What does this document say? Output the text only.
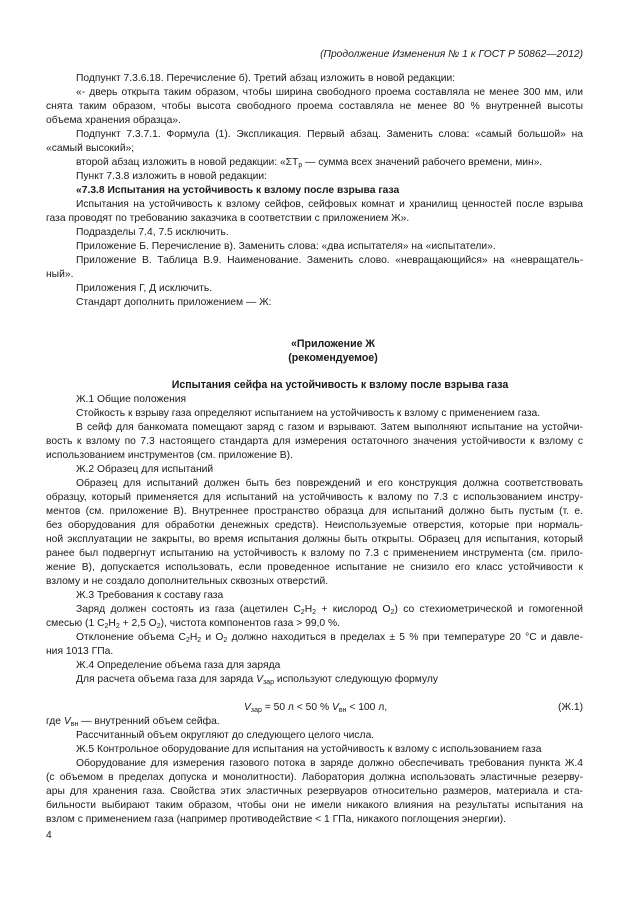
(Продолжение Изменения № 1 к ГОСТ Р 50862—2012)
Подпункт 7.3.6.18. Перечисление б). Третий абзац изложить в новой редакции:
«- дверь открыта таким образом, чтобы ширина свободного проема составляла не менее 300 мм, или
снята таким образом, чтобы высота свободного проема составляла не менее 80 % внутренней высоты
объема хранения образца».
Подпункт 7.3.7.1. Формула (1). Экспликация. Первый абзац. Заменить слова: «самый большой» на
«самый высокий»;
второй абзац изложить в новой редакции: «$\Sigma Т_р$ — сумма всех значений рабочего времени, мин».
Пункт 7.3.8 изложить в новой редакции:
«7.3.8 Испытания на устойчивость к взлому после взрыва газа
Испытания на устойчивость к взлому сейфов, сейфовых комнат и хранилищ ценностей после взрыва
газа проводят по требованию заказчика в соответствии с приложением Ж».
Подразделы 7.4, 7.5 исключить.
Приложение Б. Перечисление в). Заменить слова: «два испытателя» на «испытатели».
Приложение В. Таблица В.9. Наименование. Заменить слово. «невращающийся» на «невращатель-
ный».
Приложения Г, Д исключить.
Стандарт дополнить приложением — Ж:
«Приложение Ж
(рекомендуемое)
Испытания сейфа на устойчивость к взлому после взрыва газа
Ж.1 Общие положения
Стойкость к взрыву газа определяют испытанием на устойчивость к взлому с применением газа.
В сейф для банкомата помещают заряд с газом и взрывают. Затем выполняют испытание на устойчи-
вость к взлому по 7.3 настоящего стандарта для измерения остаточного значения устойчивости к взлому с
использованием инструментов (см. приложение В).
Ж.2 Образец для испытаний
Образец для испытаний должен быть без повреждений и его конструкция должна соответствовать
образцу, который применяется для испытаний на устойчивость к взлому по 7.3 с использованием инстру-
ментов (см. приложение В). Внутреннее пространство образца для испытаний должно быть пустым (т. е.
без оборудования для обработки денежных средств). Неиспользуемые отверстия, которые при нормаль-
ной эксплуатации не закрыты, во время испытания должны быть открыты. Образец для испытания, который
ранее был подвергнут испытанию на устойчивость к взлому по 7.3 с применением инструмента (см. прило-
жение В), допускается использовать, если проведенное испытание не снизило его класс устойчивости к
взлому и не создало дополнительных сквозных отверстий.
Ж.3 Требования к составу газа
Заряд должен состоять из газа (ацетилен $С_2Н_2$ + кислород $О_2$) со стехиометрической и гомогенной
смесью (1 $С_2Н_2 + 2,5$ $О_2$), чистота компонентов газа > 99,0 %.
Отклонение объема $С_2Н_2$ и $О_2$ должно находиться в пределах ± 5 % при температуре 20 °С и давле-
ния 1013 ГПа.
Ж.4 Определение объема газа для заряда
Для расчета объема газа для заряда $V_{зар}$ используют следующую формулу
$V_{зар} = 50$ л < 50 % $V_{вн} < 100$ л,	(Ж.1)
где $V_{вн}$ — внутренний объем сейфа.
Рассчитанный объем округляют до следующего целого числа.
Ж.5 Контрольное оборудование для испытания на устойчивость к взлому с использованием газа
Оборудование для измерения газового потока в заряде должно обеспечивать требования пункта Ж.4
(с объемом в пределах допуска и монолитности). Лаборатория должна использовать эластичные резерву-
ары для хранения газа. Свойства этих эластичных резервуаров относительно размеров, материала и ста-
бильности выбирают таким образом, чтобы они не имели никакого влияния на результаты испытания на
взлом с применением газа (например противодействие < 1 ГПа, никакого поглощения энергии).
4
